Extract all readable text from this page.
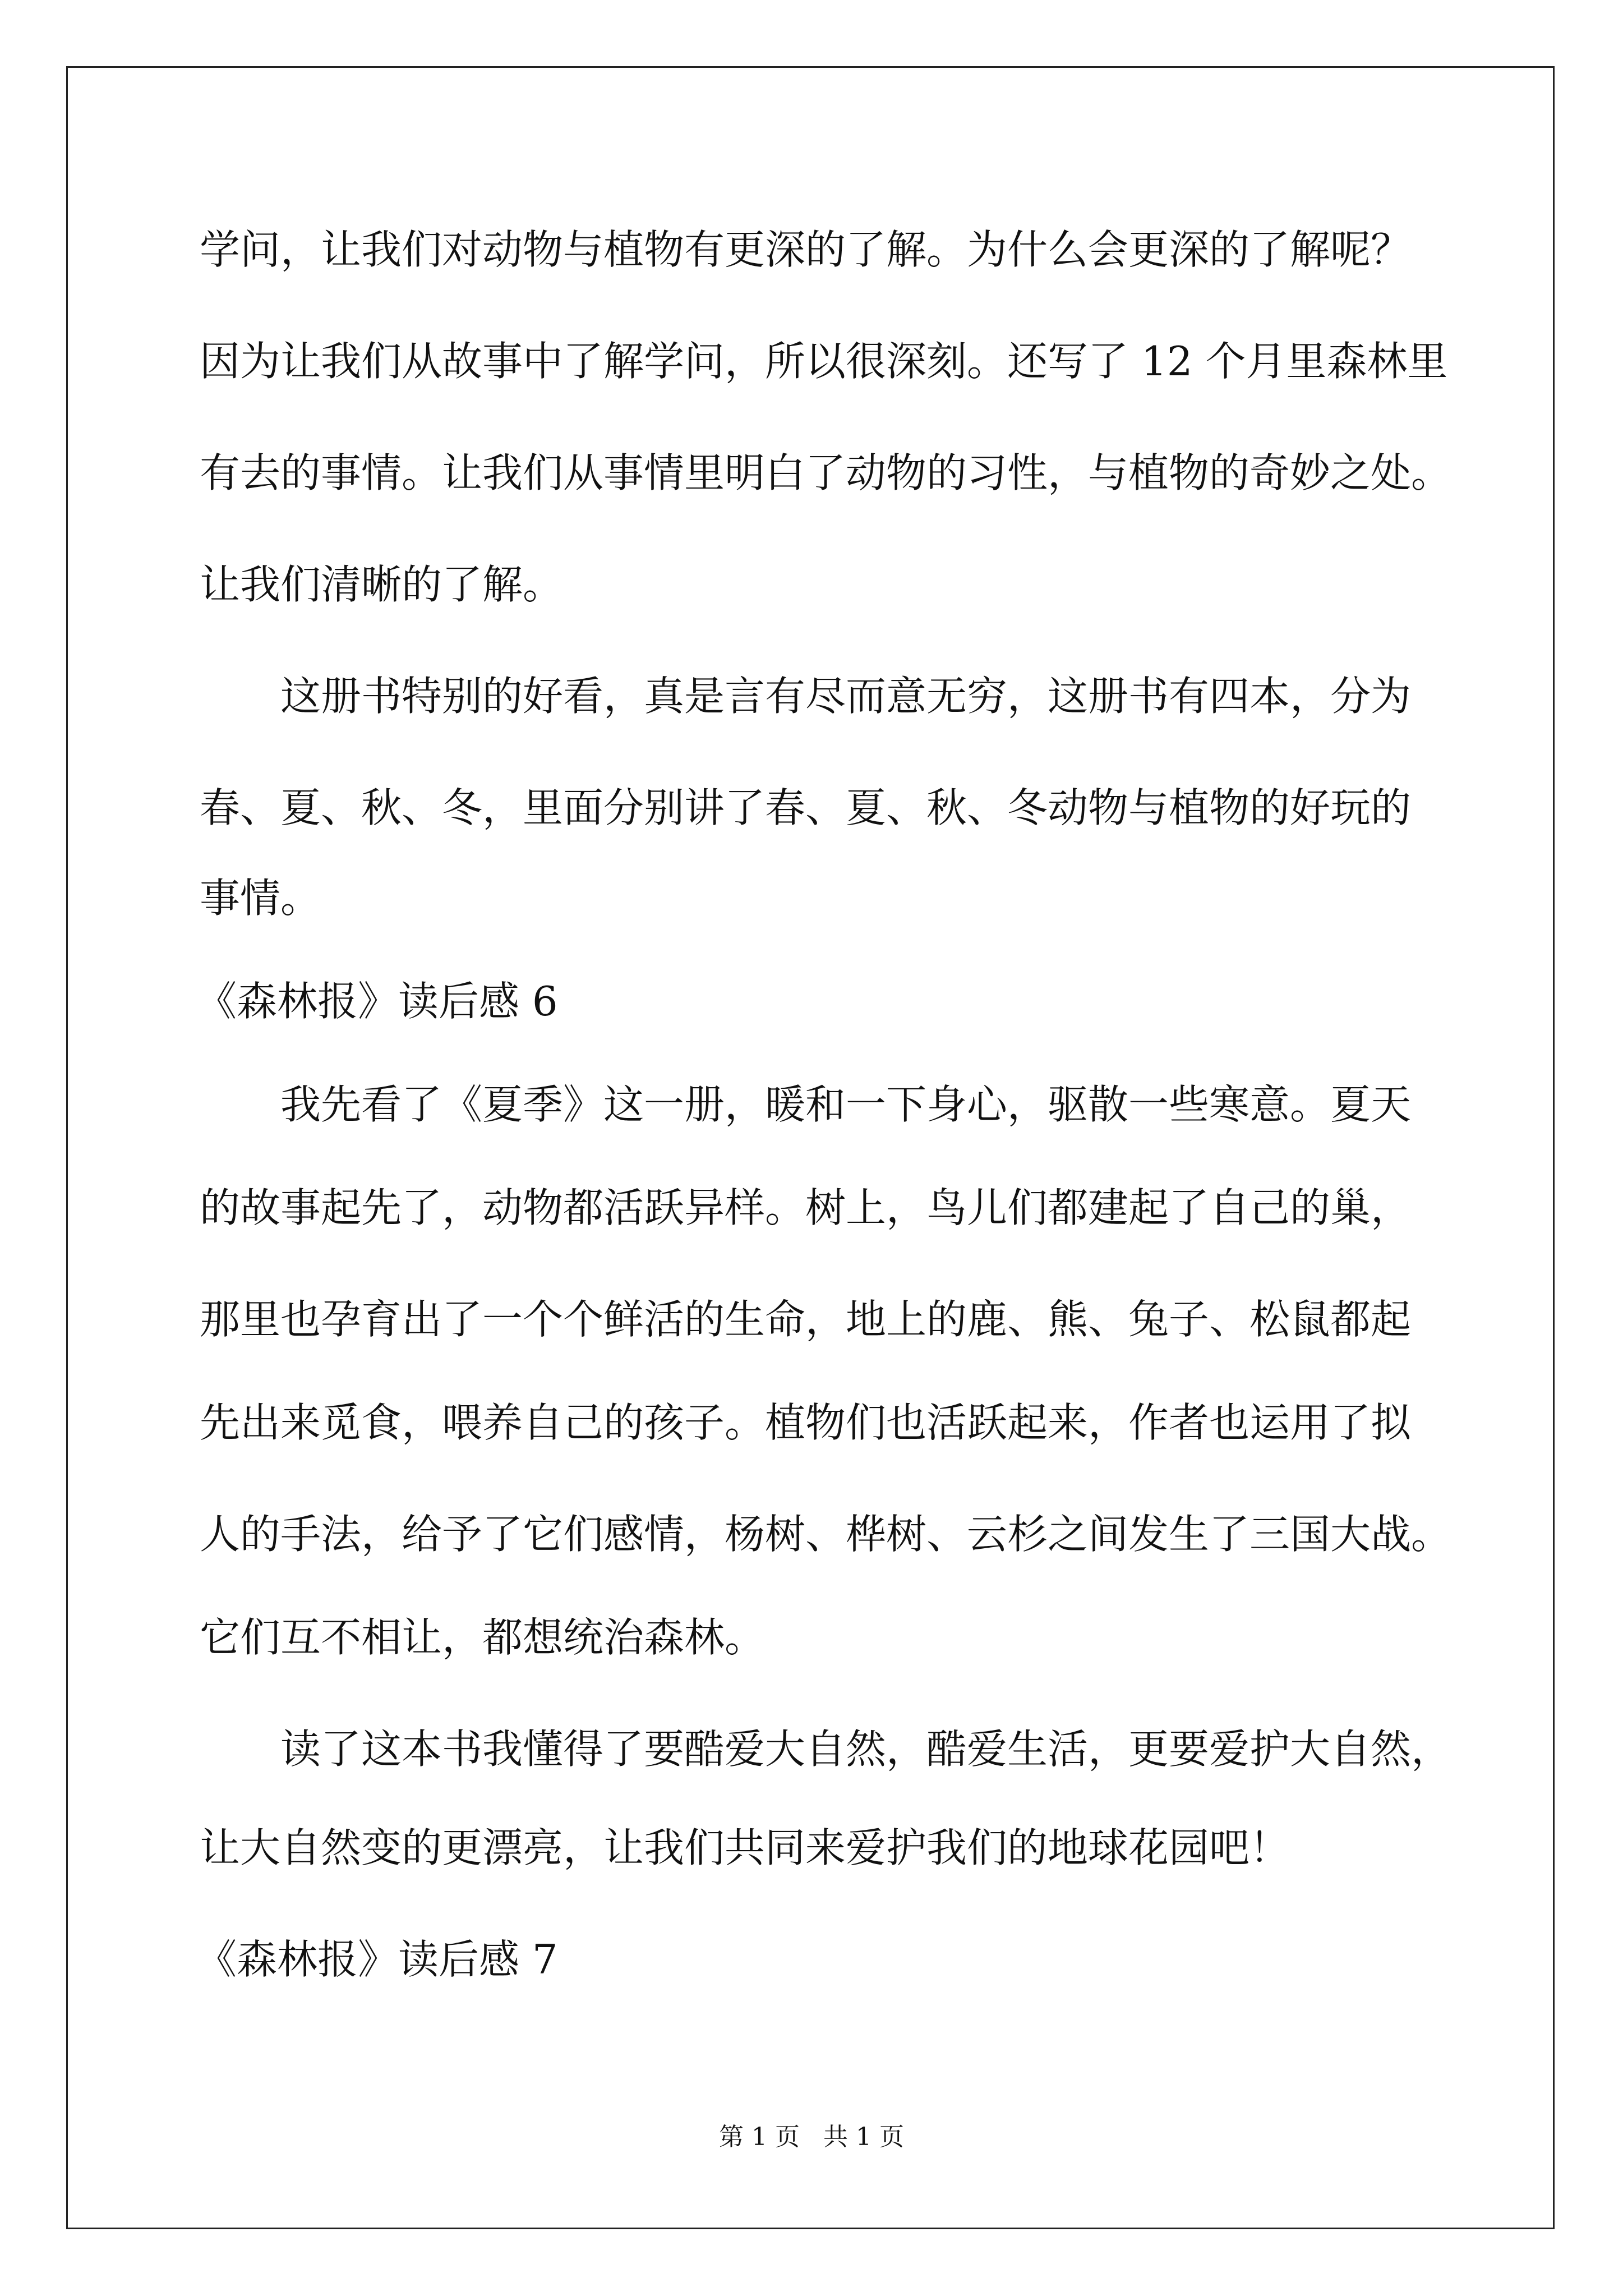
学问，让我们对动物与植物有更深的了解。为什么会更深的了解呢？
因为让我们从故事中了解学问，所以很深刻。还写了 12 个月里森林里
有去的事情。让我们从事情里明白了动物的习性，与植物的奇妙之处。
让我们清晰的了解。
这册书特别的好看，真是言有尽而意无穷，这册书有四本，分为
春、夏、秋、冬，里面分别讲了春、夏、秋、冬动物与植物的好玩的
事情。
《森林报》读后感 6
我先看了《夏季》这一册，暖和一下身心，驱散一些寒意。夏天
的故事起先了，动物都活跃异样。树上，鸟儿们都建起了自己的巢，
那里也孕育出了一个个鲜活的生命，地上的鹿、熊、兔子、松鼠都起
先出来觅食，喂养自己的孩子。植物们也活跃起来，作者也运用了拟
人的手法，给予了它们感情，杨树、桦树、云杉之间发生了三国大战。
它们互不相让，都想统治森林。
读了这本书我懂得了要酷爱大自然，酷爱生活，更要爱护大自然，
让大自然变的更漂亮，让我们共同来爱护我们的地球花园吧！
《森林报》读后感 7
第 1 页   共 1 页
